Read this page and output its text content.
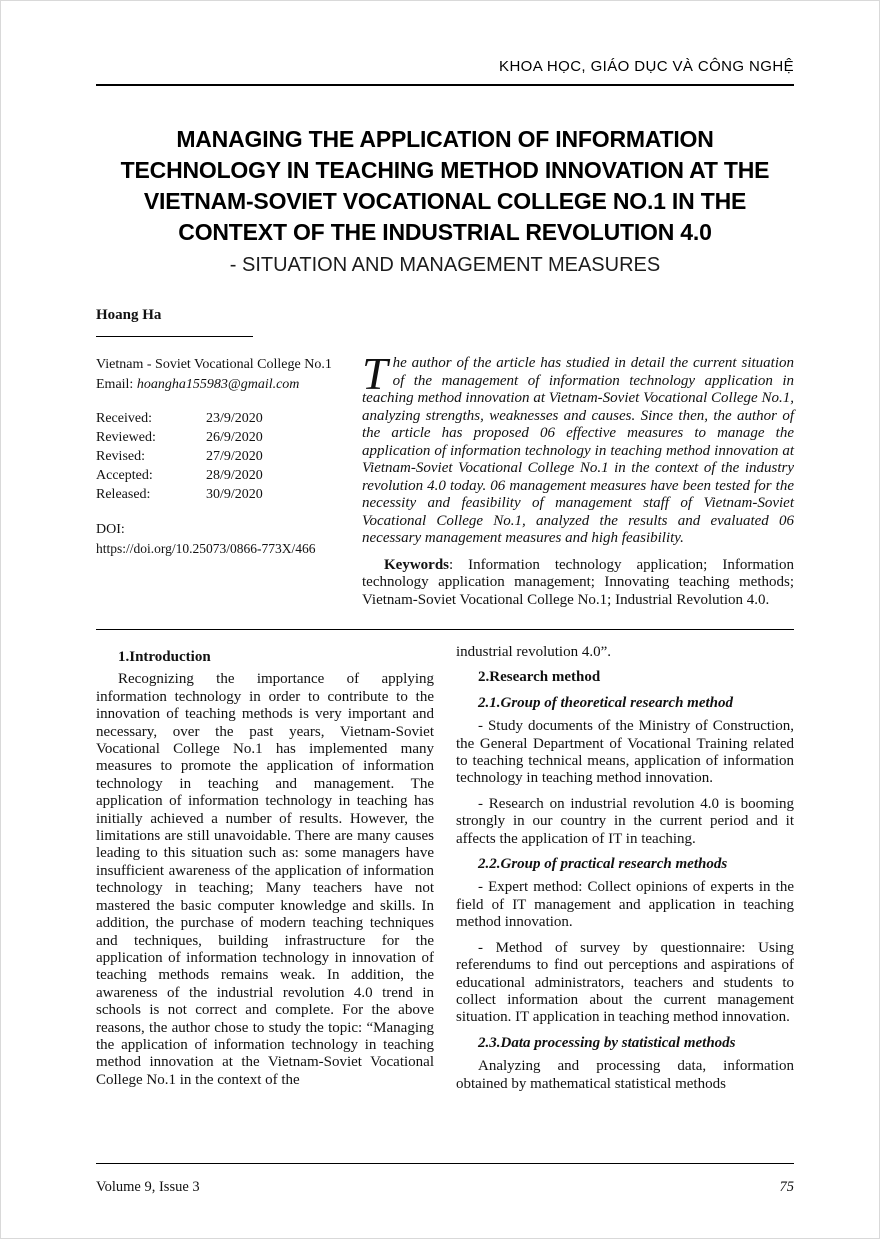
KHOA HỌC, GIÁO DỤC VÀ CÔNG NGHỆ
MANAGING THE APPLICATION OF INFORMATION TECHNOLOGY IN TEACHING METHOD INNOVATION AT THE VIETNAM-SOVIET VOCATIONAL COLLEGE NO.1 IN THE CONTEXT OF THE INDUSTRIAL REVOLUTION 4.0
- SITUATION AND MANAGEMENT MEASURES
Hoang Ha
Vietnam - Soviet Vocational College No.1
Email: hoangha155983@gmail.com
Received:	23/9/2020
Reviewed:	26/9/2020
Revised:	27/9/2020
Accepted:	28/9/2020
Released:	30/9/2020
DOI:
https://doi.org/10.25073/0866-773X/466
The author of the article has studied in detail the current situation of the management of information technology application in teaching method innovation at Vietnam-Soviet Vocational College No.1, analyzing strengths, weaknesses and causes. Since then, the author of the article has proposed 06 effective measures to manage the application of information technology in teaching method innovation at Vietnam-Soviet Vocational College No.1 in the context of the industry revolution 4.0 today. 06 management measures have been tested for the necessity and feasibility of management staff of Vietnam-Soviet Vocational College No.1, analyzed the results and evaluated 06 necessary management measures and high feasibility.
Keywords: Information technology application; Information technology application management; Innovating teaching methods; Vietnam-Soviet Vocational College No.1; Industrial Revolution 4.0.
1.Introduction
Recognizing the importance of applying information technology in order to contribute to the innovation of teaching methods is very important and necessary, over the past years, Vietnam-Soviet Vocational College No.1 has implemented many measures to promote the application of information technology in teaching and management. The application of information technology in teaching has initially achieved a number of results. However, the limitations are still unavoidable. There are many causes leading to this situation such as: some managers have insufficient awareness of the application of information technology in teaching; Many teachers have not mastered the basic computer knowledge and skills. In addition, the purchase of modern teaching techniques and techniques, building infrastructure for the application of information technology in innovation of teaching methods remains weak. In addition, the awareness of the industrial revolution 4.0 trend in schools is not correct and complete. For the above reasons, the author chose to study the topic: “Managing the application of information technology in teaching method innovation at the Vietnam-Soviet Vocational College No.1 in the context of the
industrial revolution 4.0”.
2.Research method
2.1.Group of theoretical research method
- Study documents of the Ministry of Construction, the General Department of Vocational Training related to teaching technical means, application of information technology in teaching method innovation.
- Research on industrial revolution 4.0 is booming strongly in our country in the current period and it affects the application of IT in teaching.
2.2.Group of practical research methods
- Expert method: Collect opinions of experts in the field of IT management and application in teaching method innovation.
- Method of survey by questionnaire: Using referendums to find out perceptions and aspirations of educational administrators, teachers and students to collect information about the current management situation. IT application in teaching method innovation.
2.3.Data processing by statistical methods
Analyzing and processing data, information obtained by mathematical statistical methods
Volume 9, Issue 3	75
